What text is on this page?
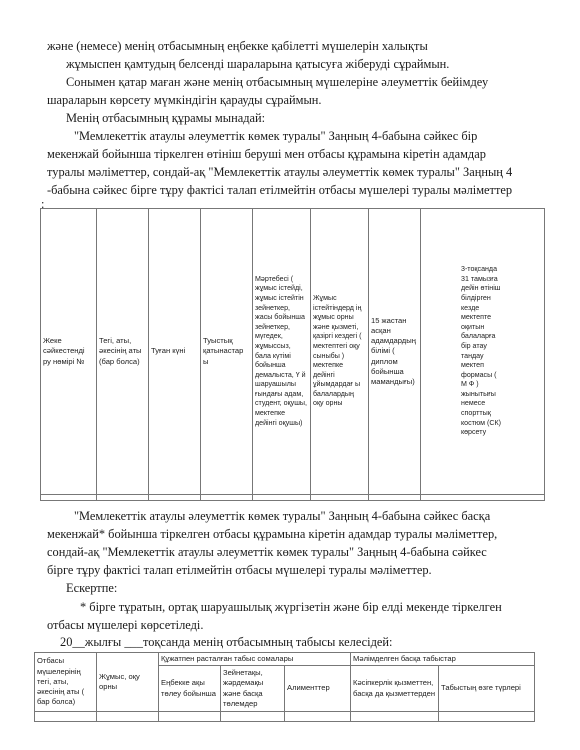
және (немесе) менің отбасымның еңбекке қабілетті мүшелерін халықты
жұмыспен қамтудың белсенді шараларына қатысуға жіберуді сұраймын.
Сонымен қатар маған және менің отбасымның мүшелеріне әлеуметтік бейімдеу
шараларын көрсету мүмкіндігін қарауды сұраймын.
Менің отбасымның құрамы мынадай:
"Мемлекеттік атаулы әлеуметтік көмек туралы" Заңның 4-бабына сәйкес бір
мекенжай бойынша тіркелген өтініш беруші мен отбасы құрамына кіретін адамдар
туралы мәліметтер, сондай-ақ "Мемлекеттік атаулы әлеуметтік көмек туралы" Заңның 4
-бабына сәйкес бірге тұру фактісі талап етілмейтін отбасы мүшелері туралы мәліметтер
:
Жеке сәйкестенді ру нөмірі №	Тегі, аты, әкесінің аты (бар болса)	Туған күні	Туыстық қатынастар ы	Мәртебесі ( жұмыс істейді, жұмыс істейтін зейнеткер, жасы бойынша зейнеткер, мүгедек, жұмыссыз, бала күтімі бойынша демалыста, Ү й шаруашылы ғындағы адам, студент, оқушы, мектепке дейінгі оқушы)	Жұмыс істейтіндерд ің жұмыс орны және қызметі, қазіргі кездегі ( мектептегі оқу сыныбы ) мектепке дейінгі ұйымдардағ ы балалардың оқу орны	15 жастан асқан адамдардың білімі ( диплом бойынша мамандығы)	3-тоқсанда 31 тамызға дейін өтініш білдірген кезде мектепте оқитын балаларға бір атау тандау мектеп формасы ( М Ф ) жынытығы немесе спорттық костюм (СК) көрсету

"Мемлекеттік атаулы әлеуметтік көмек туралы" Заңның 4-бабына сәйкес басқа
мекенжай* бойынша тіркелген отбасы құрамына кіретін адамдар туралы мәліметтер,
сондай-ақ "Мемлекеттік атаулы әлеуметтік көмек туралы" Заңның 4-бабына сәйкес
бірге тұру фактісі талап етілмейтін отбасы мүшелері туралы мәліметтер.
Ескертпе:
* бірге тұратын, ортақ шаруашылық жүргізетін және бір елді мекенде тіркелген
отбасы мүшелері көрсетіледі.
20__жылғы ___тоқсанда менің отбасымның табысы келесідей:
Отбасы мүшелерінің тегі, аты, әкесінің аты ( бар болса)	Жұмыс, оқу орны	Құжатпен расталған табыс сомалары			Мәлімделген басқа табыстар	
		Еңбекке ақы төлеу бойынша	Зейнетақы, жәрдемақы және басқа төлемдер	Алименттер	Кәсіпкерлік қызметтен, басқа да қызметтерден	Табыстың өзге түрлері
